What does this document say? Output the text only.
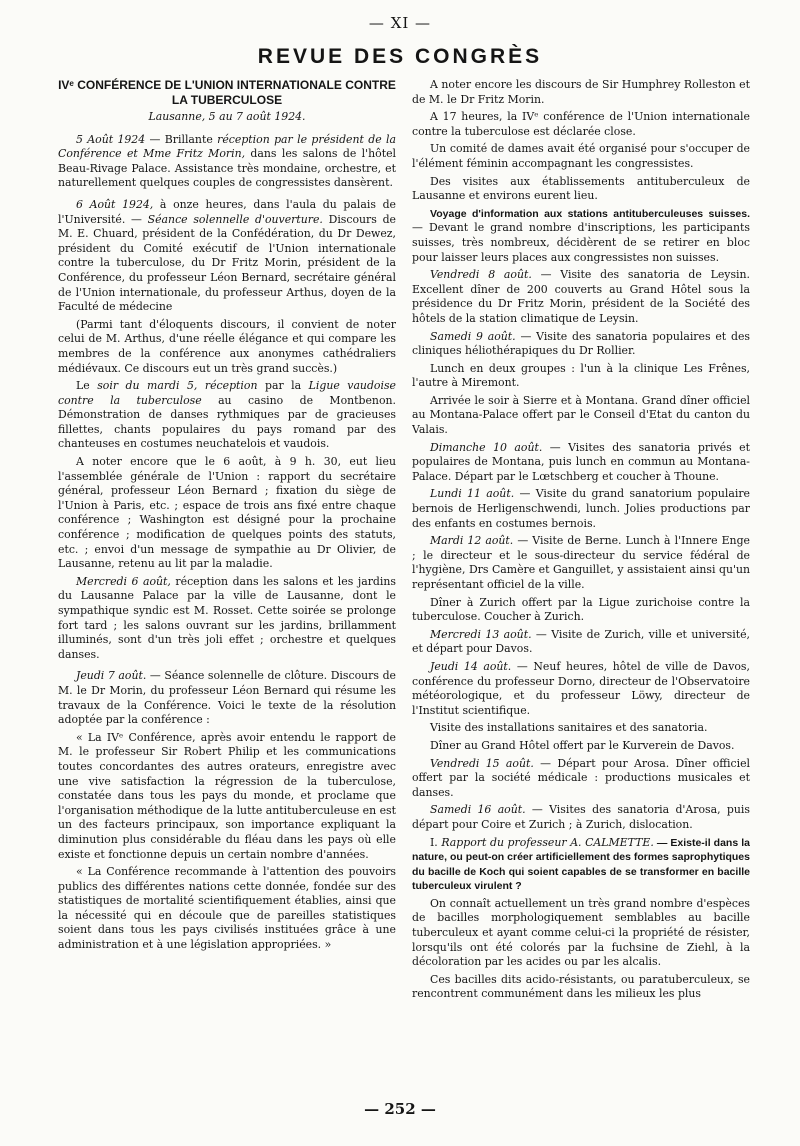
— XI —
REVUE DES CONGRÈS
IVᵉ CONFÉRENCE DE L'UNION INTERNATIONALE CONTRE LA TUBERCULOSE
Lausanne, 5 au 7 août 1924.

5 Août 1924 — Brillante réception par le président de la Conférence et Mme Fritz Morin, dans les salons de l'hôtel Beau-Rivage Palace. Assistance très mondaine, orchestre, et naturellement quelques couples de congressistes dansèrent.

6 Août 1924, à onze heures, dans l'aula du palais de l'Université. — Séance solennelle d'ouverture. Discours de M. E. Chuard, président de la Confédération, du Dr Dewez, président du Comité exécutif de l'Union internationale contre la tuberculose, du Dr Fritz Morin, président de la Conférence, du professeur Léon Bernard, secrétaire général de l'Union internationale, du professeur Arthus, doyen de la Faculté de médecine

(Parmi tant d'éloquents discours, il convient de noter celui de M. Arthus, d'une réelle élégance et qui compare les membres de la conférence aux anonymes cathédraliers médiévaux. Ce discours eut un très grand succès.)

Le soir du mardi 5, réception par la Ligue vaudoise contre la tuberculose au casino de Montbenon. Démonstration de danses rythmiques par de gracieuses fillettes, chants populaires du pays romand par des chanteuses en costumes neuchatelois et vaudois.

A noter encore que le 6 août, à 9 h. 30, eut lieu l'assemblée générale de l'Union : rapport du secrétaire général, professeur Léon Bernard ; fixation du siège de l'Union à Paris, etc. ; espace de trois ans fixé entre chaque conférence ; Washington est désigné pour la prochaine conférence ; modification de quelques points des statuts, etc. ; envoi d'un message de sympathie au Dr Olivier, de Lausanne, retenu au lit par la maladie.

Mercredi 6 août, réception dans les salons et les jardins du Lausanne Palace par la ville de Lausanne, dont le sympathique syndic est M. Rosset. Cette soirée se prolonge fort tard ; les salons ouvrant sur les jardins, brillamment illuminés, sont d'un très joli effet ; orchestre et quelques danses.

Jeudi 7 août. — Séance solennelle de clôture. Discours de M. le Dr Morin, du professeur Léon Bernard qui résume les travaux de la Conférence. Voici le texte de la résolution adoptée par la conférence :

« La IVᵉ Conférence, après avoir entendu le rapport de M. le professeur Sir Robert Philip et les communications toutes concordantes des autres orateurs, enregistre avec une vive satisfaction la régression de la tuberculose, constatée dans tous les pays du monde, et proclame que l'organisation méthodique de la lutte antituberculeuse en est un des facteurs principaux, son importance expliquant la diminution plus considérable du fléau dans les pays où elle existe et fonctionne depuis un certain nombre d'années.

« La Conférence recommande à l'attention des pouvoirs publics des différentes nations cette donnée, fondée sur des statistiques de mortalité scientifiquement établies, ainsi que la nécessité qui en découle que de pareilles statistiques soient dans tous les pays civilisés instituées grâce à une administration et à une législation appropriées. »

A noter encore les discours de Sir Humphrey Rolleston et de M. le Dr Fritz Morin.

A 17 heures, la IVᵉ conférence de l'Union internationale contre la tuberculose est déclarée close.

Un comité de dames avait été organisé pour s'occuper de l'élément féminin accompagnant les congressistes.

Des visites aux établissements antituberculeux de Lausanne et environs eurent lieu.

Voyage d'information aux stations antituberculeuses suisses. — Devant le grand nombre d'inscriptions, les participants suisses, très nombreux, décidèrent de se retirer en bloc pour laisser leurs places aux congressistes non suisses.

Vendredi 8 août. — Visite des sanatoria de Leysin. Excellent dîner de 200 couverts au Grand Hôtel sous la présidence du Dr Fritz Morin, président de la Société des hôtels de la station climatique de Leysin.

Samedi 9 août. — Visite des sanatoria populaires et des cliniques héliothérapiques du Dr Rollier.

Lunch en deux groupes : l'un à la clinique Les Frênes, l'autre à Miremont.

Arrivée le soir à Sierre et à Montana. Grand dîner officiel au Montana-Palace offert par le Conseil d'Etat du canton du Valais.

Dimanche 10 août. — Visites des sanatoria privés et populaires de Montana, puis lunch en commun au Montana-Palace. Départ par le Lœtschberg et coucher à Thoune.

Lundi 11 août. — Visite du grand sanatorium populaire bernois de Herligenschwendi, lunch. Jolies productions par des enfants en costumes bernois.

Mardi 12 août. — Visite de Berne. Lunch à l'Innere Enge ; le directeur et le sous-directeur du service fédéral de l'hygiène, Drs Camère et Ganguillet, y assistaient ainsi qu'un représentant officiel de la ville.

Dîner à Zurich offert par la Ligue zurichoise contre la tuberculose. Coucher à Zurich.

Mercredi 13 août. — Visite de Zurich, ville et université, et départ pour Davos.

Jeudi 14 août. — Neuf heures, hôtel de ville de Davos, conférence du professeur Dorno, directeur de l'Observatoire météorologique, et du professeur Löwy, directeur de l'Institut scientifique.

Visite des installations sanitaires et des sanatoria.

Dîner au Grand Hôtel offert par le Kurverein de Davos.

Vendredi 15 août. — Départ pour Arosa. Dîner officiel offert par la société médicale : productions musicales et danses.

Samedi 16 août. — Visites des sanatoria d'Arosa, puis départ pour Coire et Zurich ; à Zurich, dislocation.

I. Rapport du professeur A. CALMETTE. — Existe-il dans la nature, ou peut-on créer artificiellement des formes saprophytiques du bacille de Koch qui soient capables de se transformer en bacille tuberculeux virulent ?

On connaît actuellement un très grand nombre d'espèces de bacilles morphologiquement semblables au bacille tuberculeux et ayant comme celui-ci la propriété de résister, lorsqu'ils ont été colorés par la fuchsine de Ziehl, à la décoloration par les acides ou par les alcalis.

Ces bacilles dits acido-résistants, ou paratuberculeux, se rencontrent communément dans les milieux les plus

— 252 —
